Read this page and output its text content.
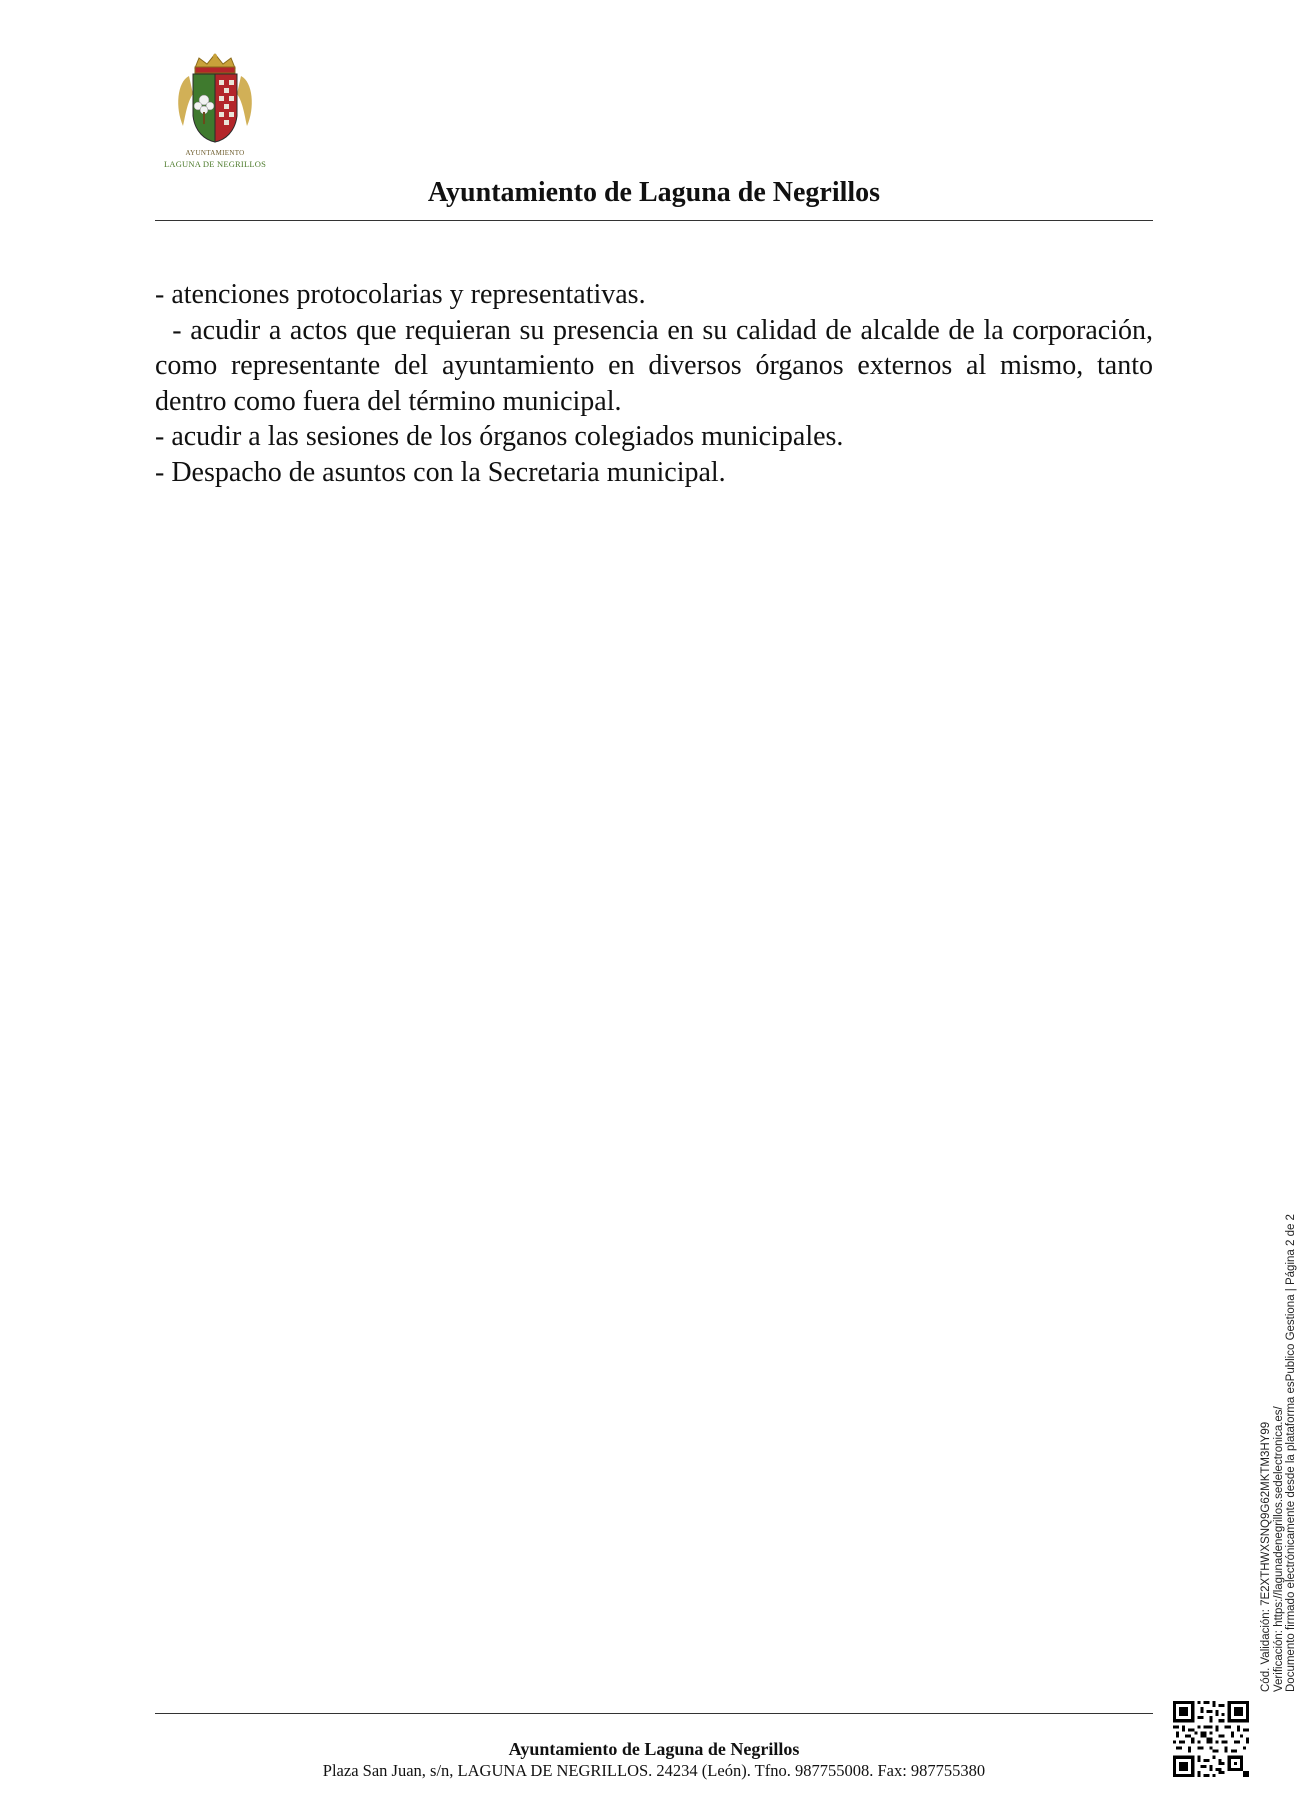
AYUNTAMIENTO
LAGUNA DE NEGRILLOS
Ayuntamiento de Laguna de Negrillos

- atenciones protocolarias y representativas.

- acudir a actos que requieran su presencia en su calidad de alcalde de la corporación, como representante del ayuntamiento en diversos órganos externos al mismo, tanto dentro como fuera del término municipal.

- acudir a las sesiones de los órganos colegiados municipales.

- Despacho de asuntos con la Secretaria municipal.

Cód. Validación: 7E2XTHWXSNQ9G62MKTM3HY99 Verificación: https://lagunadenegrillos.sedelectronica.es/ Documento firmado electrónicamente desde la plataforma esPublico Gestiona | Página 2 de 2
Ayuntamiento de Laguna de Negrillos
Plaza San Juan, s/n, LAGUNA DE NEGRILLOS. 24234 (León). Tfno. 987755008. Fax: 987755380
